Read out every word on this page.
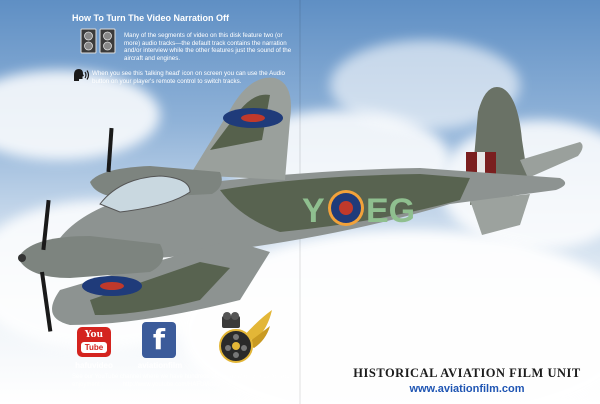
How To Turn The Video Narration Off

Many of the segments of video on this disk feature two (or more) audio tracks—the default track contains the narration and/or interview while the other features just the sound of the aircraft and engines.

When you see this 'talking head' icon on screen you can use the Audio button on your player's remote control to switch tracks.

Y EG
You
Tube
hafuvideo
f
aviationfilm

See our YouTube channel where we have hundreds of free aviation videos for your enjoyment :	http://www.youtube.com/HAFUVideo

HISTORICAL AVIATION FILM UNIT

www.aviationfilm.com
